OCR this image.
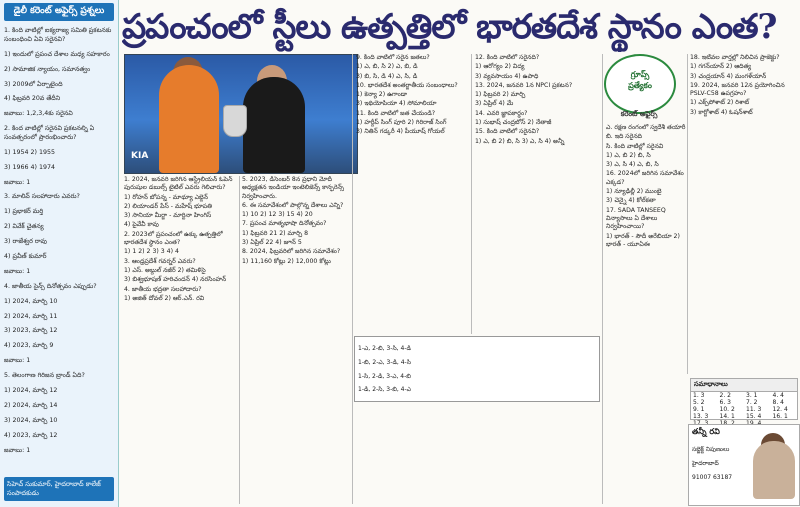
డైలీ కరెంట్ అఫైర్స్ ప్రశ్నలు

1. కింది వాటిల్లో ఐక్యరాజ్య సమితి ప్రకటనకు సంబంధించి ఏవి సరైనవి?

1) ఇందులో ప్రపంచ దేశాల మధ్య సహకారం

2) సామాజిక న్యాయం, సమానత్వం

3) 2009లో ఏర్పాటైంది

4) ఫిబ్రవరి 20వ తేదీని

జవాబు: 1,2,3,4కు సరైనవి

2. కింద వాటిల్లో సరైనవి ప్రకటనల్ని ఏ సంవత్సరంలో ప్రారంభించారు?

1) 1954 2) 1955

3) 1966 4) 1974

జవాబు: 1

3. మాలివ్ సలహాదారు ఎవరు?

1) ప్రభాకర్ మర్తి

2) వివేక్ చైతన్య

3) రాజేశ్వర రావు

4) ప్రవీణ్ కుమార్

జవాబు: 1

4. జాతీయ సైన్స్ దినోత్సవం ఎప్పుడు?

1) 2024, మార్చి 10

2) 2024, మార్చి 11

3) 2023, మార్చి 12

4) 2023, మార్చి 9

జవాబు: 1

5. తెలంగాణ గిరిజన బ్రాండ్ ఏది?

1) 2024, మార్చి 12

2) 2024, మార్చి 14

3) 2024, మార్చి 10

4) 2023, మార్చి 12

జవాబు: 1

సిహెచ్ సుకుమార్, హైదరాబాద్ కాలేజ్ సంపాదకుడు
ప్రపంచంలో స్టీలు ఉత్పత్తిలో భారతదేశ స్థానం ఎంత?
KIA

1. 2024, జనవరి జరిగిన ఆస్ట్రేలియన్ ఓపెన్ పురుషుల డబుల్స్ టైటిల్ ఎవరు గెలిచారు?

1) రోహన్ బోపన్న - మాథ్యూ ఎబ్డెన్

2) లియాండర్ పేస్ - మహేష్ భూపతి

3) సానియా మీర్జా - మార్టినా హింగిస్

4) పైవేవీ కావు

2. 2023లో ప్రపంచంలో ఉక్కు ఉత్పత్తిలో భారతదేశ స్థానం ఎంత?

1) 1 2) 2 3) 3 4) 4

3. ఆంధ్రప్రదేశ్ గవర్నర్ ఎవరు?

1) ఎస్. అబ్దుల్ నజీర్ 2) తమిళిసై

3) బిశ్వభూషణ్ హరిచందన్ 4) నరసింహన్

4. జాతీయ భద్రతా సలహాదారు?

1) అజిత్ దోవల్ 2) ఆర్.ఎన్. రవి

5. 2023, డిసెంబర్ 8న ప్రధాని మోదీ అధ్యక్షతన ఇండియా ఇంటెలిజెన్స్ కాన్ఫరెన్స్ నిర్వహించారు.

6. ఈ సమావేశంలో పాల్గొన్న దేశాలు ఎన్ని?

1) 10 2) 12 3) 15 4) 20

7. ప్రపంచ మాతృభాషా దినోత్సవం?

1) ఫిబ్రవరి 21 2) మార్చి 8

3) ఏప్రిల్ 22 4) జూన్ 5

8. 2024, ఫిబ్రవరిలో జరిగిన సమావేశం?

1) 11,160 కోట్లు 2) 12,000 కోట్లు

9. కింది వాటిలో సరైన జతలు?

1) ఎ, బి, సి 2) ఎ, బి, డి

3) బి, సి, డి 4) ఎ, సి, డి

10. భారతదేశ అంతర్జాతీయ సంబంధాలు?

1) కెన్యా 2) ఉగాండా

3) ఇథియోపియా 4) సోమాలియా

11. కింది వాటిలో జత చేయండి?

1) హర్దీప్ సింగ్ పూరి 2) గిరిరాజ్ సింగ్

3) నితిన్ గడ్కరీ 4) పీయూష్ గోయల్

12. కింది వాటిలో సరైనది?

1) ఆరోగ్యం 2) విద్య

3) వ్యవసాయం 4) ఉపాధి

13. 2024, జనవరి 1న NPCI ప్రకటన?

1) ఫిబ్రవరి 2) మార్చి

3) ఏప్రిల్ 4) మే

14. ఎవరి జ్ఞాపకార్థం?

1) సుభాష్ చంద్రబోస్ 2) నేతాజీ

15. కింది వాటిలో సరైనవి?

1) ఎ, బి 2) బి, సి 3) ఎ, సి 4) అన్నీ

1-ఎ, 2-బి, 3-సి, 4-డి

1-బి, 2-ఎ, 3-డి, 4-సి

1-సి, 2-డి, 3-ఎ, 4-బి

1-డి, 2-సి, 3-బి, 4-ఎ

గ్రూప్స్
ప్రత్యేకం
కరెంట్ అఫైర్స్

ఎ. రక్షణ రంగంలో స్వదేశీ తయారీ

బి. ఇది సరైనది

సి. కింది వాటిల్లో సరైనవి

1) ఎ, బి 2) బి, సి

3) ఎ, సి 4) ఎ, బి, సి

16. 2024లో జరిగిన సమావేశం ఎక్కడ?

1) న్యూఢిల్లీ 2) ముంబై

3) చెన్నై 4) కోల్‌కతా

17. SADA TANSEEQ విన్యాసాలు ఏ దేశాలు నిర్వహించాయి?

1) భారత్ - సౌదీ అరేబియా 2) భారత్ - యూఏఈ

18. ఇటీవల వార్తల్లో నిలిచిన ప్రాజెక్టు?

1) గగన్‌యాన్ 2) ఆదిత్య

3) చంద్రయాన్ 4) మంగళ్‌యాన్

19. 2024, జనవరి 12న ప్రయోగించిన PSLV-C58 ఉపగ్రహం?

1) ఎక్స్‌పోశాట్ 2) రిశాట్

3) కార్టోశాట్ 4) ఓషన్‌శాట్

సమాధానాలు
1. 3	2. 2	3. 1	4. 4
5. 2	6. 3	7. 2	8. 4
9. 1	10. 2	11. 3	12. 4
13. 3	14. 1	15. 4	16. 1

తన్నీ రవి

సబ్జెక్ట్ నిపుణులు

హైదరాబాద్

91007 63187
